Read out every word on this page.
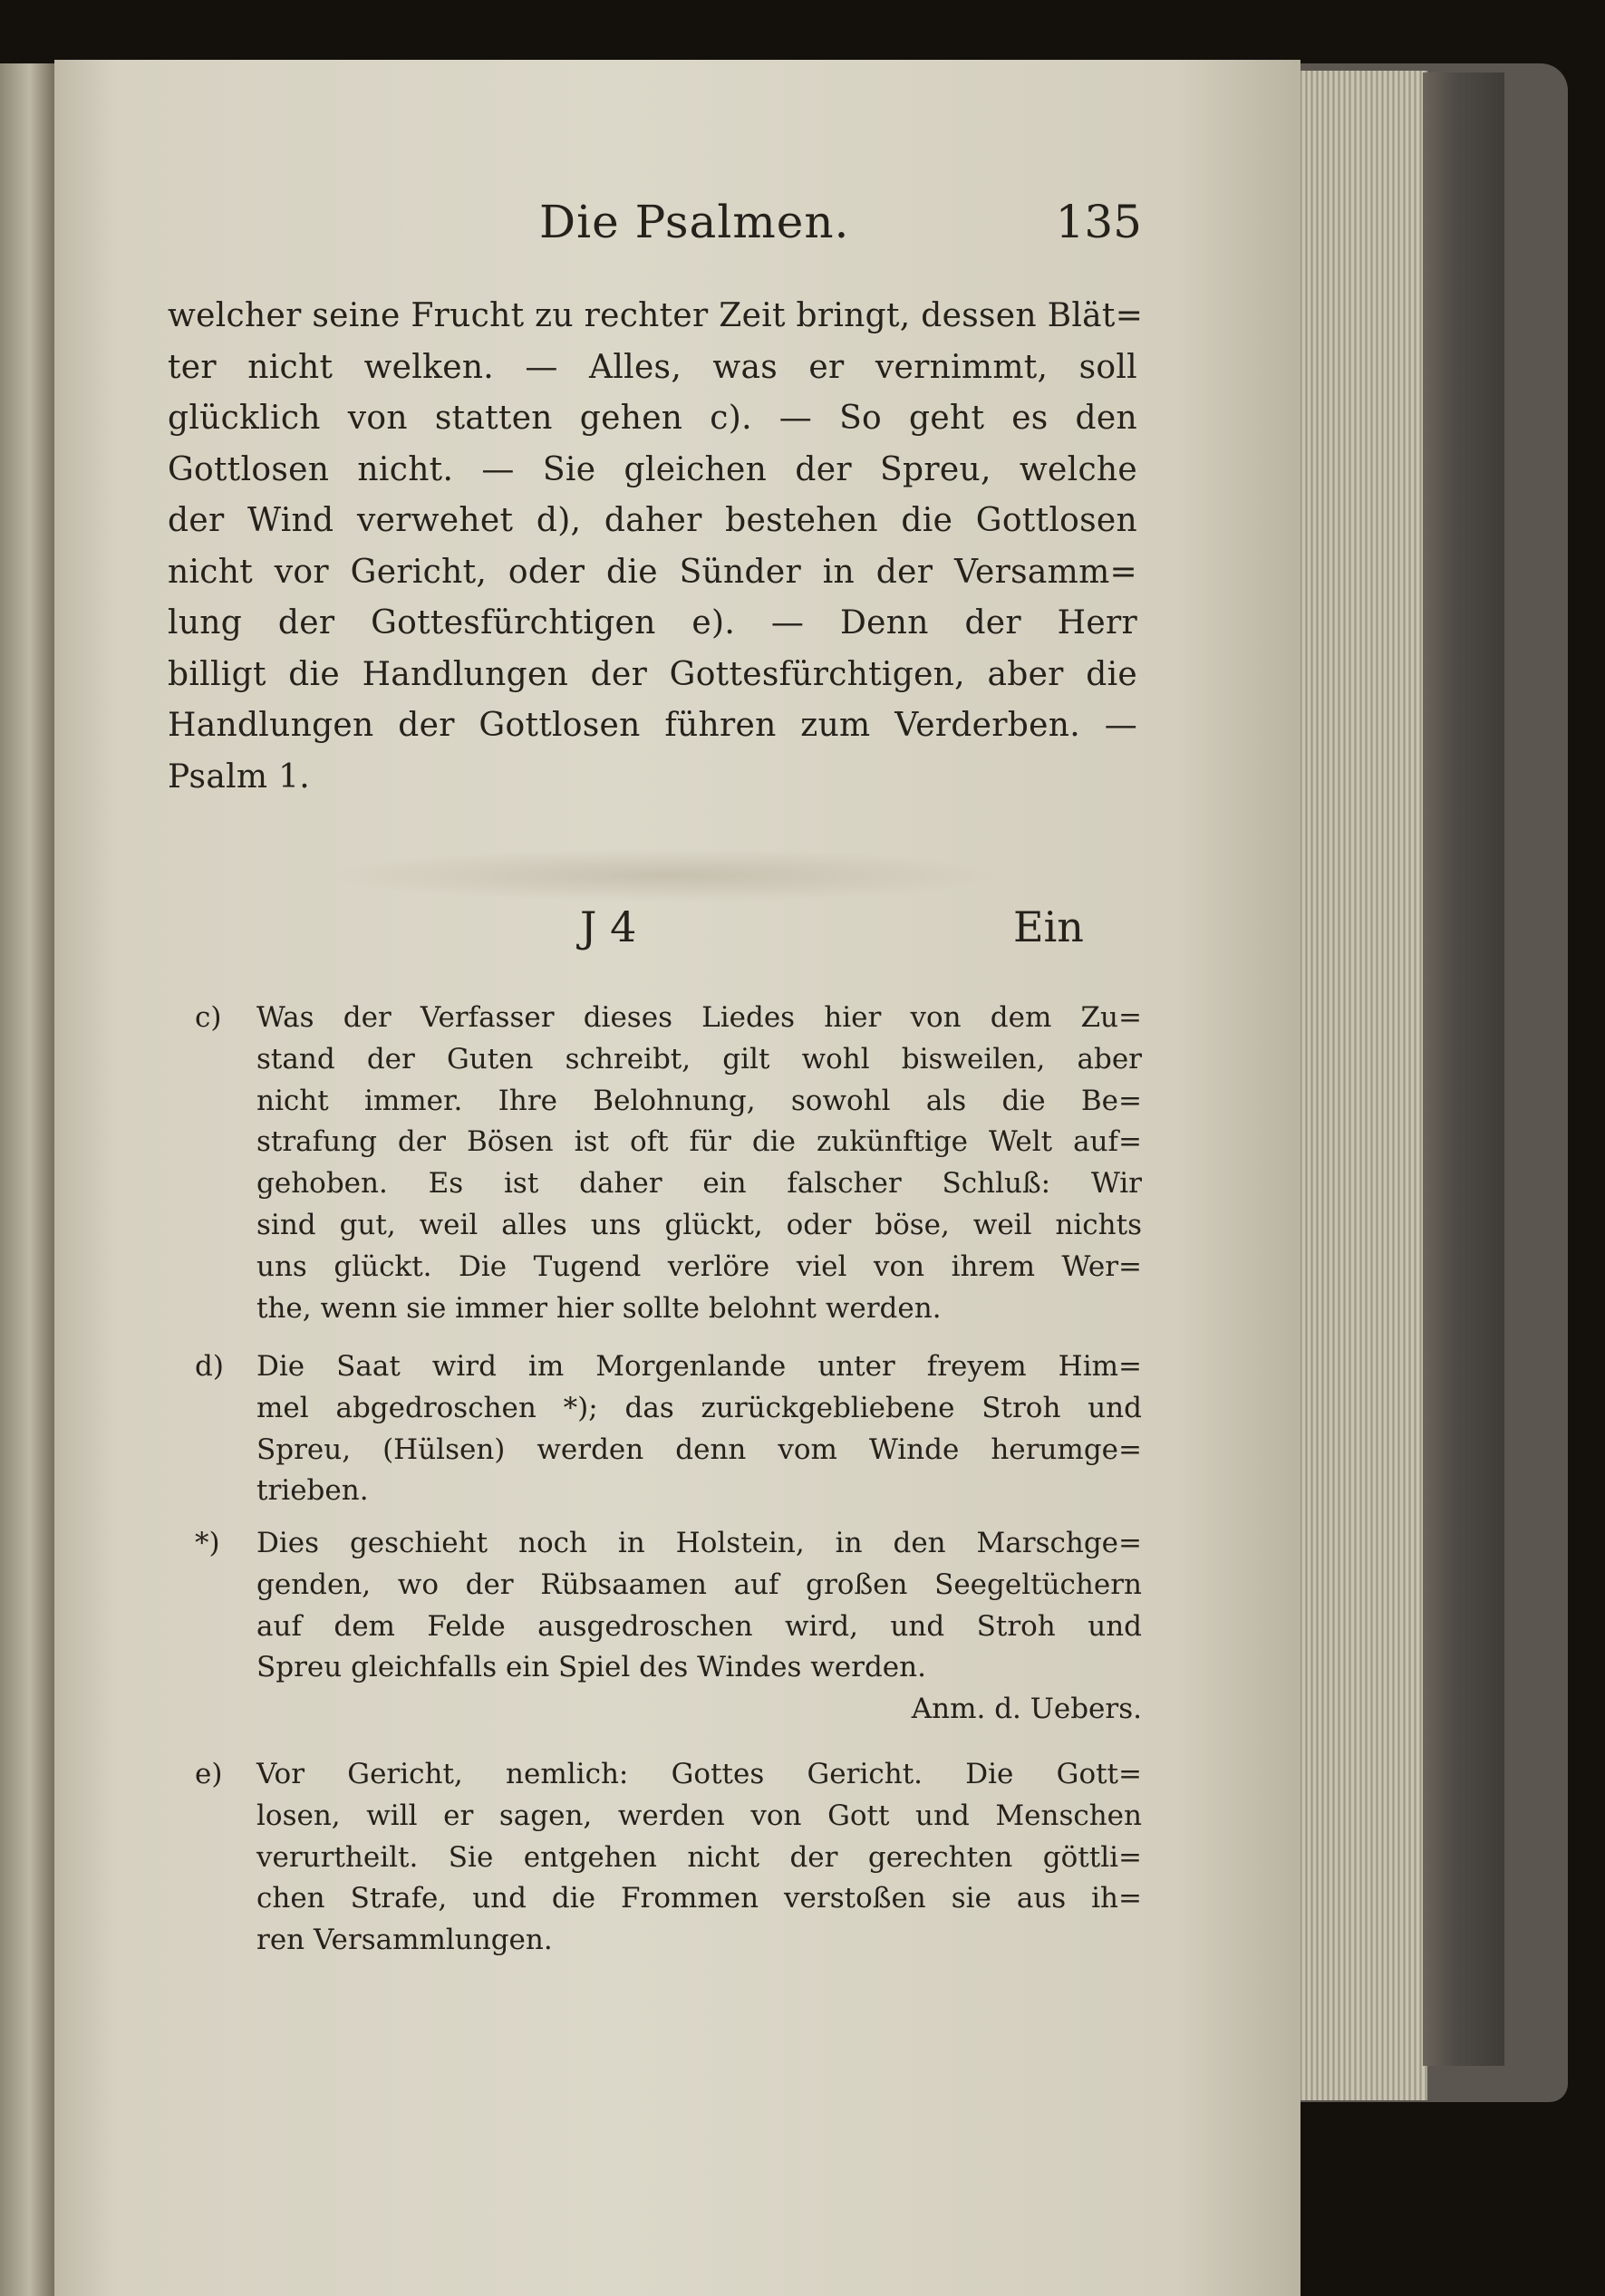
Die Psalmen.	135
welcher seine Frucht zu rechter Zeit bringt, dessen Blät=
ter nicht welken. — Alles, was er vernimmt, soll
glücklich von statten gehen c). — So geht es den
Gottlosen nicht. — Sie gleichen der Spreu, welche
der Wind verwehet d), daher bestehen die Gottlosen
nicht vor Gericht, oder die Sünder in der Versamm=
lung der Gottesfürchtigen e). — Denn der Herr
billigt die Handlungen der Gottesfürchtigen, aber die
Handlungen der Gottlosen führen zum Verderben. —
Psalm 1.
J 4	Ein
c)	Was der Verfasser dieses Liedes hier von dem Zu=
stand der Guten schreibt, gilt wohl bisweilen, aber
nicht immer. Ihre Belohnung, sowohl als die Be=
strafung der Bösen ist oft für die zukünftige Welt auf=
gehoben. Es ist daher ein falscher Schluß: Wir
sind gut, weil alles uns glückt, oder böse, weil nichts
uns glückt. Die Tugend verlöre viel von ihrem Wer=
the, wenn sie immer hier sollte belohnt werden.
d)	Die Saat wird im Morgenlande unter freyem Him=
mel abgedroschen *); das zurückgebliebene Stroh und
Spreu, (Hülsen) werden denn vom Winde herumge=
trieben.
*)	Dies geschieht noch in Holstein, in den Marschge=
genden, wo der Rübsaamen auf großen Seegeltüchern
auf dem Felde ausgedroschen wird, und Stroh und
Spreu gleichfalls ein Spiel des Windes werden.
Anm. d. Uebers.
e)	Vor Gericht, nemlich: Gottes Gericht. Die Gott=
losen, will er sagen, werden von Gott und Menschen
verurtheilt. Sie entgehen nicht der gerechten göttli=
chen Strafe, und die Frommen verstoßen sie aus ih=
ren Versammlungen.
